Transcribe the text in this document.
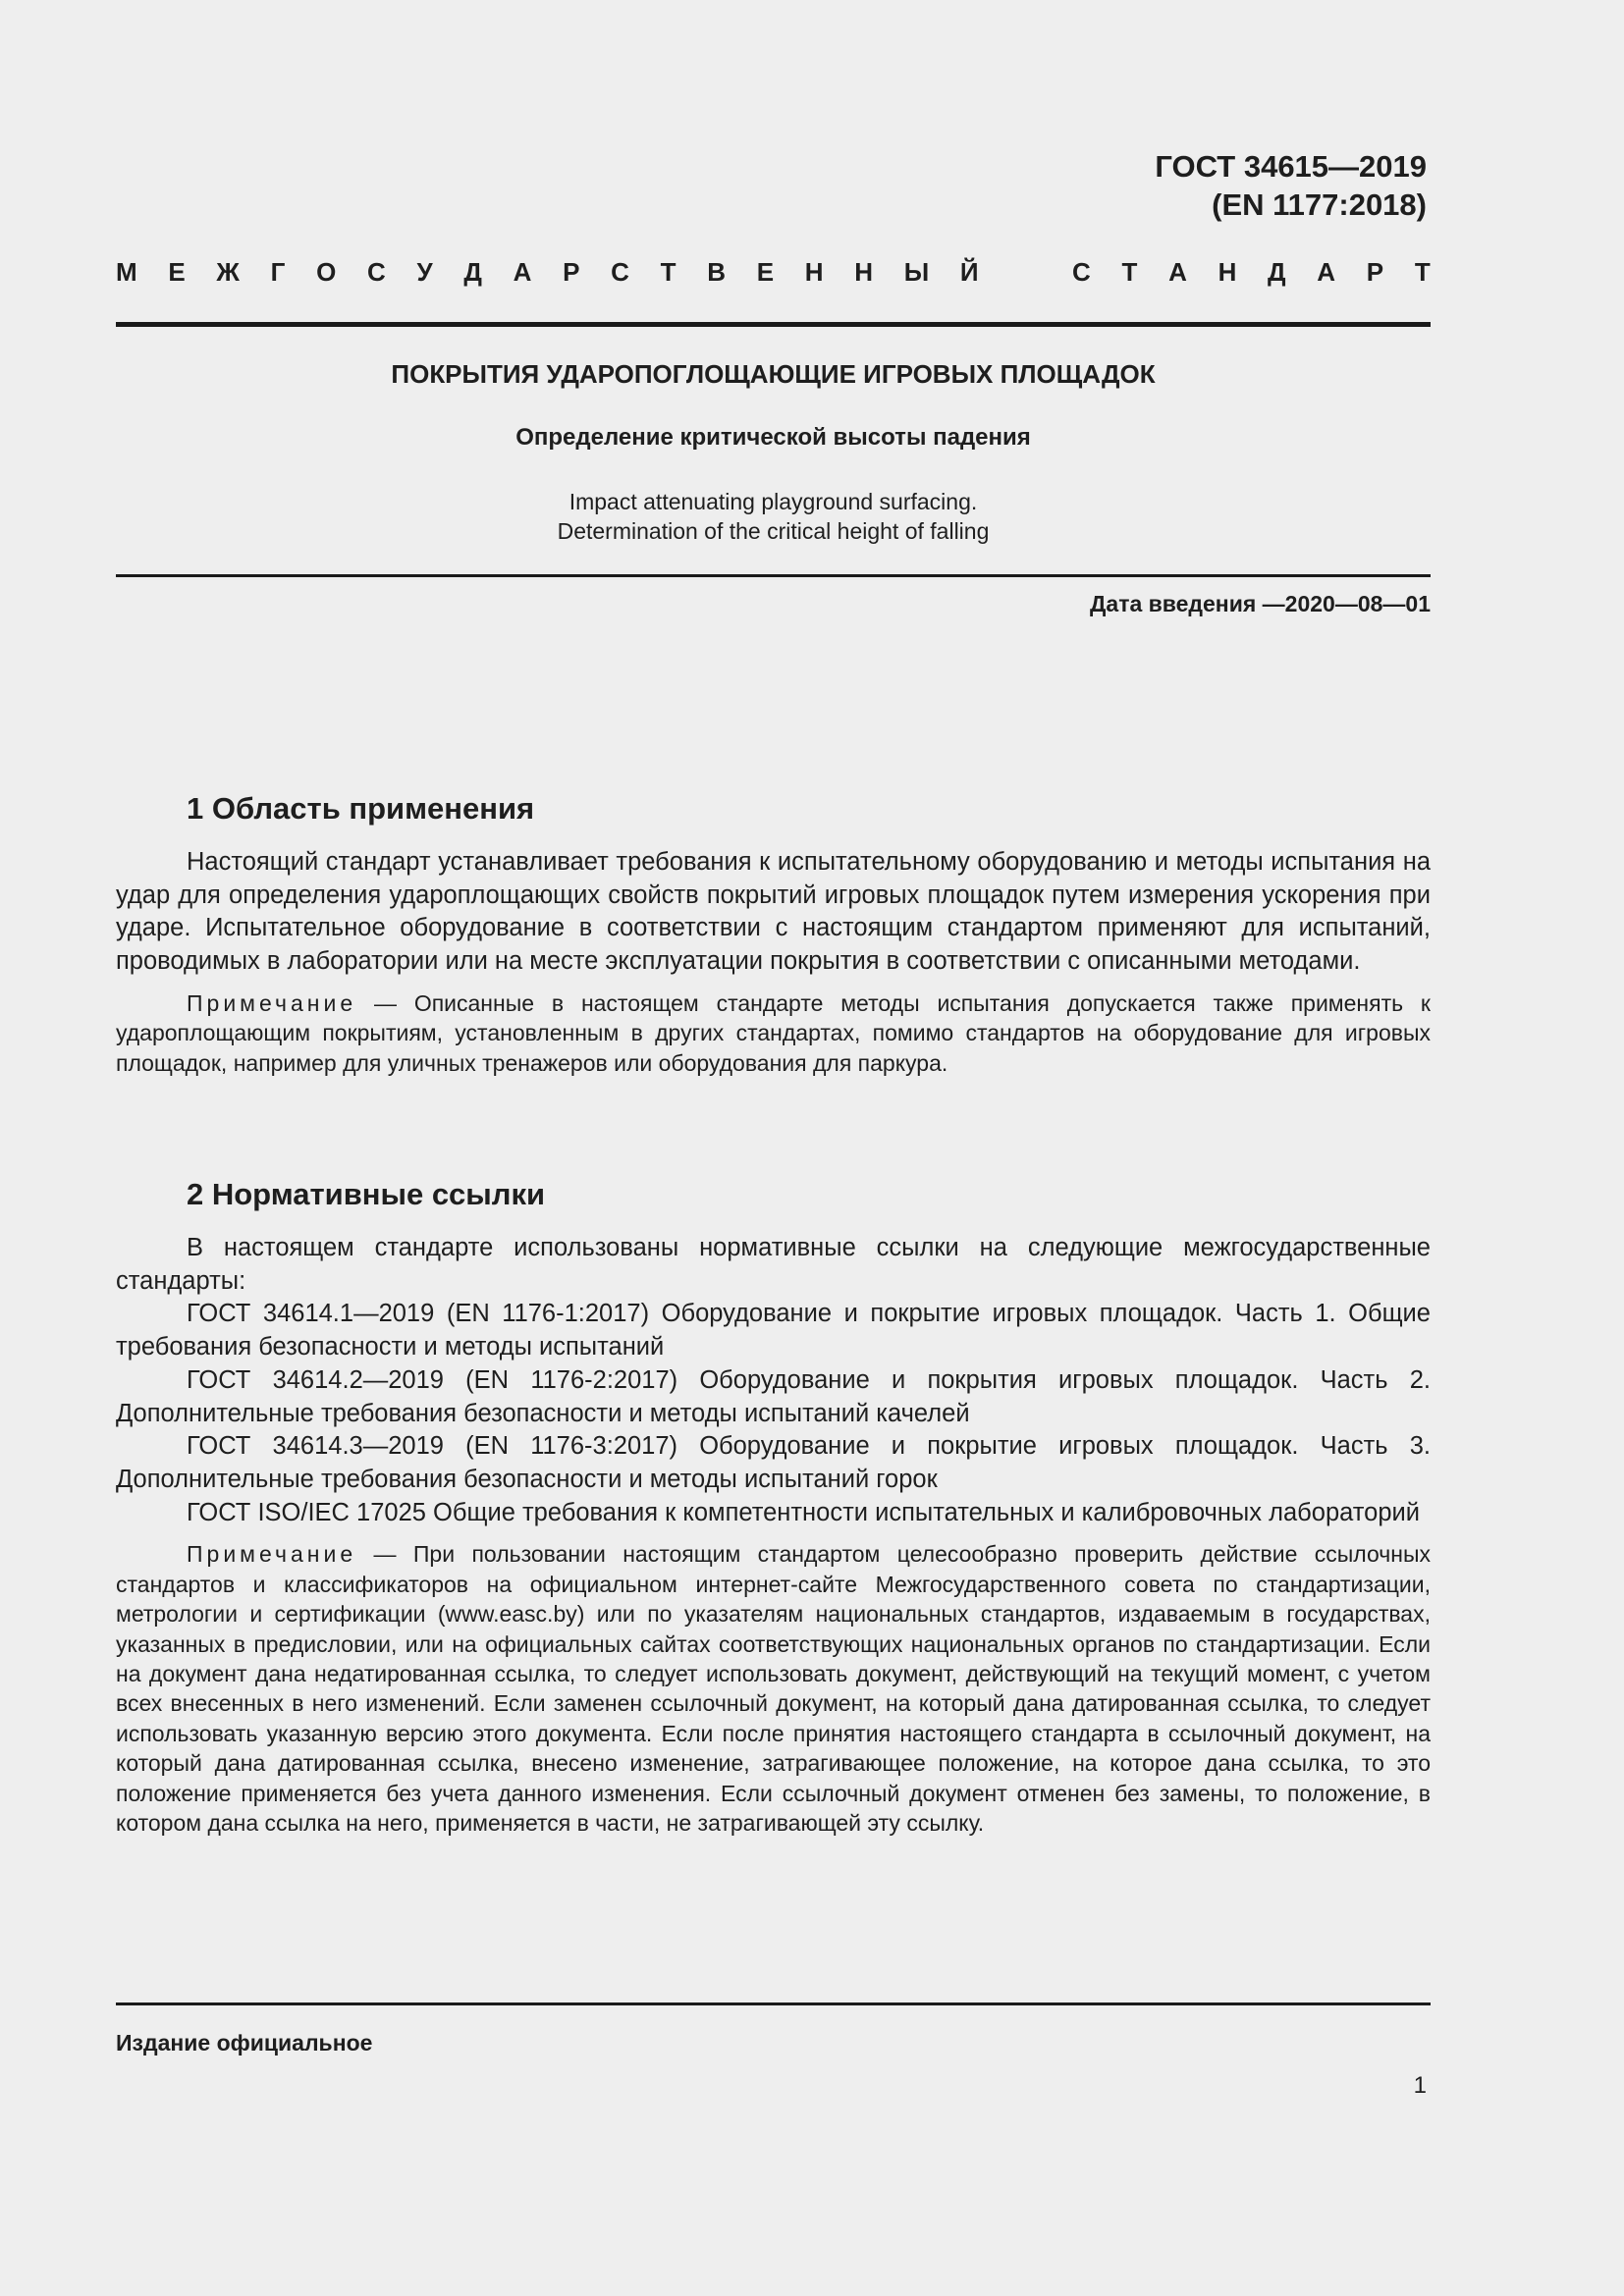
ГОСТ 34615—2019
(EN 1177:2018)
М Е Ж Г О С У Д А Р С Т В Е Н Н Ы Й	С Т А Н Д А Р Т
ПОКРЫТИЯ УДАРОПОГЛОЩАЮЩИЕ ИГРОВЫХ ПЛОЩАДОК
Определение критической высоты падения
Impact attenuating playground surfacing.
Determination of the critical height of falling
Дата введения —2020—08—01
1 Область применения

Настоящий стандарт устанавливает требования к испытательному оборудованию и методы испытания на удар для определения удароплощающих свойств покрытий игровых площадок путем измерения ускорения при ударе. Испытательное оборудование в соответствии с настоящим стандартом применяют для испытаний, проводимых в лаборатории или на месте эксплуатации покрытия в соответствии с описанными методами.

Примечание — Описанные в настоящем стандарте методы испытания допускается также применять к удароплощающим покрытиям, установленным в других стандартах, помимо стандартов на оборудование для игровых площадок, например для уличных тренажеров или оборудования для паркура.

2 Нормативные ссылки

В настоящем стандарте использованы нормативные ссылки на следующие межгосударственные стандарты:

ГОСТ 34614.1—2019 (EN 1176-1:2017) Оборудование и покрытие игровых площадок. Часть 1. Общие требования безопасности и методы испытаний

ГОСТ 34614.2—2019 (EN 1176-2:2017) Оборудование и покрытия игровых площадок. Часть 2. Дополнительные требования безопасности и методы испытаний качелей

ГОСТ 34614.3—2019 (EN 1176-3:2017) Оборудование и покрытие игровых площадок. Часть 3. Дополнительные требования безопасности и методы испытаний горок

ГОСТ ISO/IEC 17025 Общие требования к компетентности испытательных и калибровочных лабораторий

Примечание — При пользовании настоящим стандартом целесообразно проверить действие ссылочных стандартов и классификаторов на официальном интернет-сайте Межгосударственного совета по стандартизации, метрологии и сертификации (www.easc.by) или по указателям национальных стандартов, издаваемым в государствах, указанных в предисловии, или на официальных сайтах соответствующих национальных органов по стандартизации. Если на документ дана недатированная ссылка, то следует использовать документ, действующий на текущий момент, с учетом всех внесенных в него изменений. Если заменен ссылочный документ, на который дана датированная ссылка, то следует использовать указанную версию этого документа. Если после принятия настоящего стандарта в ссылочный документ, на который дана датированная ссылка, внесено изменение, затрагивающее положение, на которое дана ссылка, то это положение применяется без учета данного изменения. Если ссылочный документ отменен без замены, то положение, в котором дана ссылка на него, применяется в части, не затрагивающей эту ссылку.

Издание официальное
1
